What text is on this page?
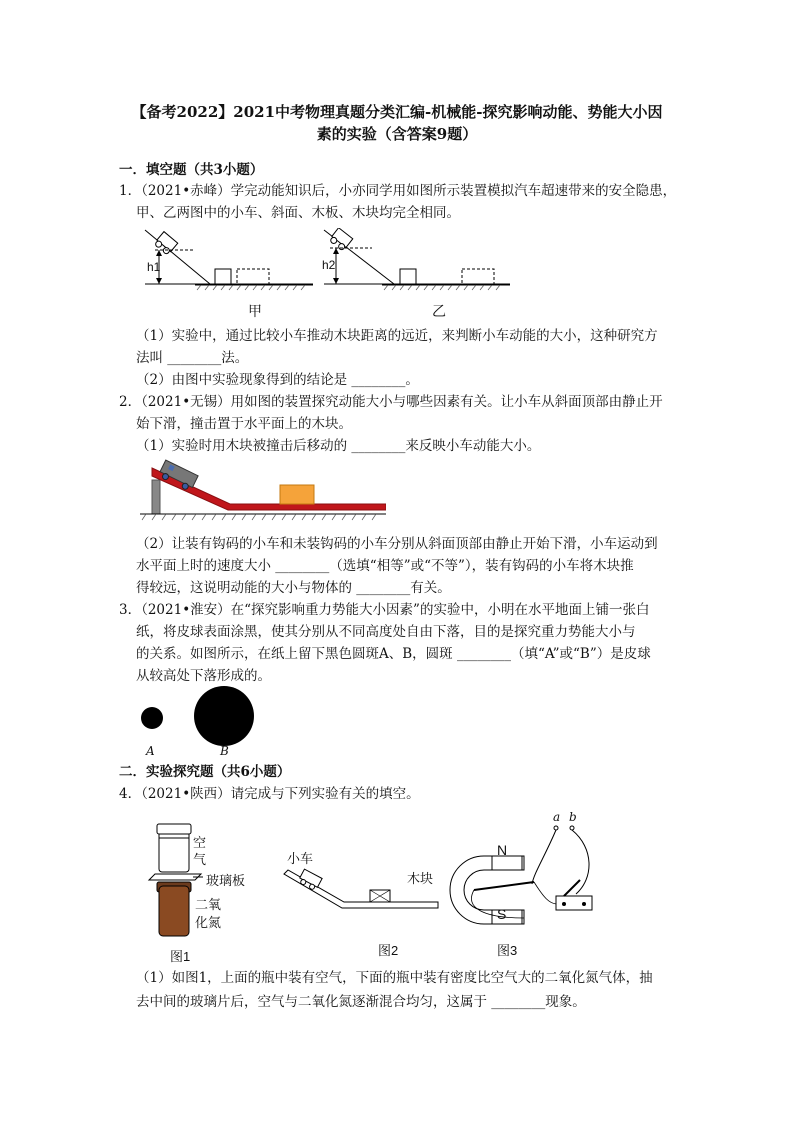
【备考2022】2021中考物理真题分类汇编-机械能-探究影响动能、势能大小因
素的实验（含答案9题）
一．填空题（共3小题）
1．（2021•赤峰）学完动能知识后，小亦同学用如图所示装置模拟汽车超速带来的安全隐患，
甲、乙两图中的小车、斜面、木板、木块均完全相同。
h1	h2
甲	乙
（1）实验中，通过比较小车推动木块距离的远近，来判断小车动能的大小，这种研究方
法叫 ________法。
（2）由图中实验现象得到的结论是 ________。
2．（2021•无锡）用如图的装置探究动能大小与哪些因素有关。让小车从斜面顶部由静止开
始下滑，撞击置于水平面上的木块。
（1）实验时用木块被撞击后移动的 ________来反映小车动能大小。
（2）让装有钩码的小车和未装钩码的小车分别从斜面顶部由静止开始下滑，小车运动到
水平面上时的速度大小 ________（选填“相等”或“不等”），装有钩码的小车将木块推
得较远，这说明动能的大小与物体的 ________有关。
3．（2021•淮安）在“探究影响重力势能大小因素”的实验中，小明在水平地面上铺一张白
纸，将皮球表面涂黑，使其分别从不同高度处自由下落，目的是探究重力势能大小与
的关系。如图所示，在纸上留下黑色圆斑A、B，圆斑 ________（填“A”或“B”）是皮球
从较高处下落形成的。
A	B
二．实验探究题（共6小题）
4．（2021•陕西）请完成与下列实验有关的填空。
空
气
玻璃板
二氧
化氮
图1
小车
木块
图2
a b
N
S
图3
（1）如图1，上面的瓶中装有空气，下面的瓶中装有密度比空气大的二氧化氮气体，抽
去中间的玻璃片后，空气与二氧化氮逐渐混合均匀，这属于 ________现象。
